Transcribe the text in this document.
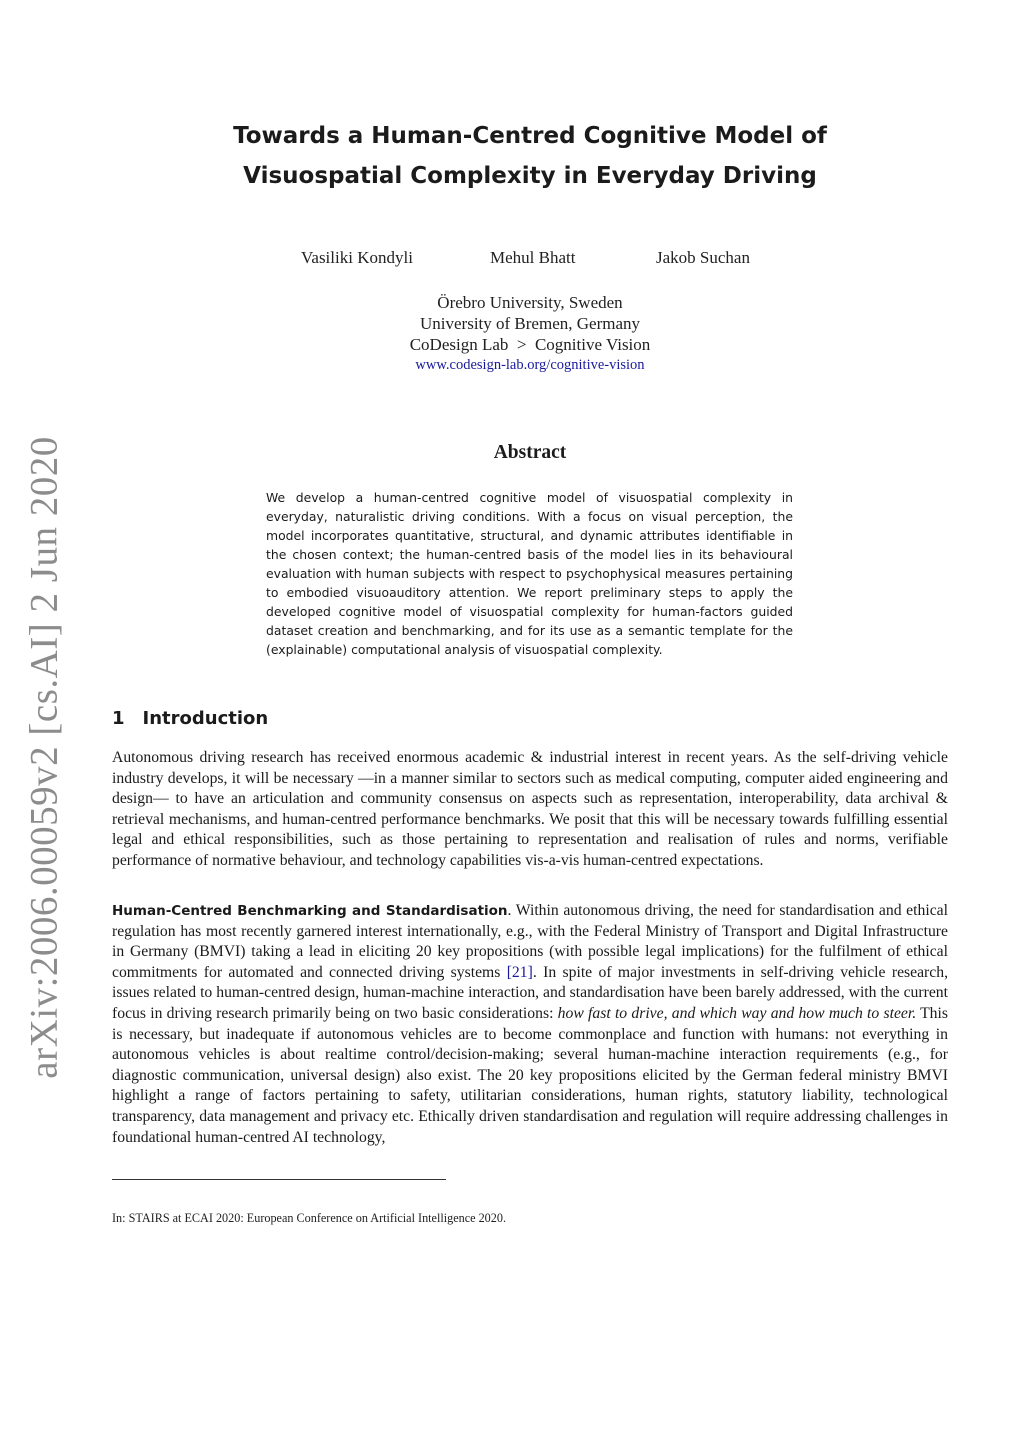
arXiv:2006.00059v2 [cs.AI] 2 Jun 2020
Towards a Human-Centred Cognitive Model of
Visuospatial Complexity in Everyday Driving
Vasiliki Kondyli	Mehul Bhatt	Jakob Suchan
Örebro University, Sweden
University of Bremen, Germany
CoDesign Lab  >  Cognitive Vision
www.codesign-lab.org/cognitive-vision
Abstract
We develop a human-centred cognitive model of visuospatial complexity in everyday, naturalistic driving conditions. With a focus on visual perception, the model incorporates quantitative, structural, and dynamic attributes identifiable in the chosen context; the human-centred basis of the model lies in its behavioural evaluation with human subjects with respect to psychophysical measures pertaining to embodied visuoauditory attention. We report preliminary steps to apply the developed cognitive model of visuospatial complexity for human-factors guided dataset creation and benchmarking, and for its use as a semantic template for the (explainable) computational analysis of visuospatial complexity.
1 Introduction
Autonomous driving research has received enormous academic & industrial interest in recent years. As the self-driving vehicle industry develops, it will be necessary —in a manner similar to sectors such as medical computing, computer aided engineering and design— to have an articulation and community consensus on aspects such as representation, interoperability, data archival & retrieval mechanisms, and human-centred performance benchmarks. We posit that this will be necessary towards fulfilling essential legal and ethical responsibilities, such as those pertaining to representation and realisation of rules and norms, verifiable performance of normative behaviour, and technology capabilities vis-a-vis human-centred expectations.
Human-Centred Benchmarking and Standardisation. Within autonomous driving, the need for standardisation and ethical regulation has most recently garnered interest internationally, e.g., with the Federal Ministry of Transport and Digital Infrastructure in Germany (BMVI) taking a lead in eliciting 20 key propositions (with possible legal implications) for the fulfilment of ethical commitments for automated and connected driving systems [21]. In spite of major investments in self-driving vehicle research, issues related to human-centred design, human-machine interaction, and standardisation have been barely addressed, with the current focus in driving research primarily being on two basic considerations: how fast to drive, and which way and how much to steer. This is necessary, but inadequate if autonomous vehicles are to become commonplace and function with humans: not everything in autonomous vehicles is about realtime control/decision-making; several human-machine interaction requirements (e.g., for diagnostic communication, universal design) also exist. The 20 key propositions elicited by the German federal ministry BMVI highlight a range of factors pertaining to safety, utilitarian considerations, human rights, statutory liability, technological transparency, data management and privacy etc. Ethically driven standardisation and regulation will require addressing challenges in foundational human-centred AI technology,
In: STAIRS at ECAI 2020: European Conference on Artificial Intelligence 2020.
